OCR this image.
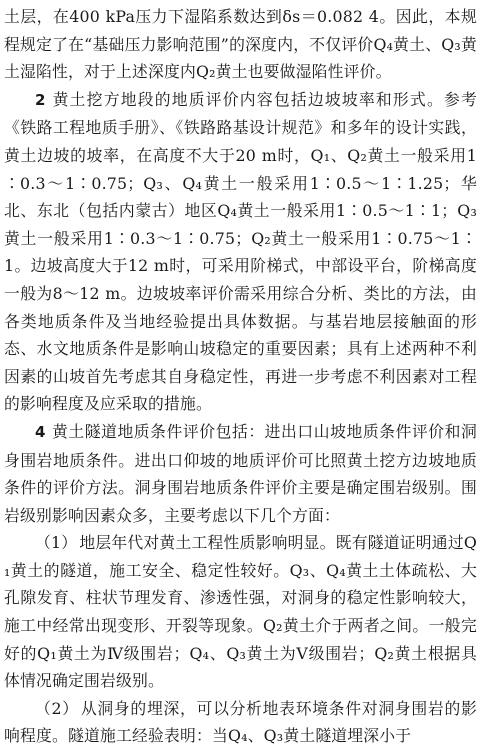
土层，在400 kPa压力下湿陷系数达到δs＝0.082 4。因此，本规程规定了在“基础压力影响范围”的深度内，不仅评价Q₄黄土、Q₃黄土湿陷性，对于上述深度内Q₂黄土也要做湿陷性评价。

2 黄土挖方地段的地质评价内容包括边坡坡率和形式。参考《铁路工程地质手册》、《铁路路基设计规范》和多年的设计实践，黄土边坡的坡率，在高度不大于20 m时，Q₁、Q₂黄土一般采用1∶0.3～1∶0.75；Q₃、Q₄黄土一般采用1∶0.5～1∶1.25；华北、东北（包括内蒙古）地区Q₄黄土一般采用1∶0.5～1∶1；Q₃黄土一般采用1∶0.3～1∶0.75；Q₂黄土一般采用1∶0.75～1∶1。边坡高度大于12 m时，可采用阶梯式，中部设平台，阶梯高度一般为8～12 m。边坡坡率评价需采用综合分析、类比的方法，由各类地质条件及当地经验提出具体数据。与基岩地层接触面的形态、水文地质条件是影响山坡稳定的重要因素；具有上述两种不利因素的山坡首先考虑其自身稳定性，再进一步考虑不利因素对工程的影响程度及应采取的措施。

4 黄土隧道地质条件评价包括：进出口山坡地质条件评价和洞身围岩地质条件。进出口仰坡的地质评价可比照黄土挖方边坡地质条件的评价方法。洞身围岩地质条件评价主要是确定围岩级别。围岩级别影响因素众多，主要考虑以下几个方面：

（1） 地层年代对黄土工程性质影响明显。既有隧道证明通过Q₁黄土的隧道，施工安全、稳定性较好。Q₃、Q₄黄土土体疏松、大孔隙发育、柱状节理发育、渗透性强，对洞身的稳定性影响较大，施工中经常出现变形、开裂等现象。Q₂黄土介于两者之间。一般完好的Q₁黄土为Ⅳ级围岩；Q₄、Q₃黄土为Ⅴ级围岩；Q₂黄土根据具体情况确定围岩级别。

（2） 从洞身的埋深，可以分析地表环境条件对洞身围岩的影响程度。隧道施工经验表明：当Q₄、Q₃黄土隧道埋深小于
